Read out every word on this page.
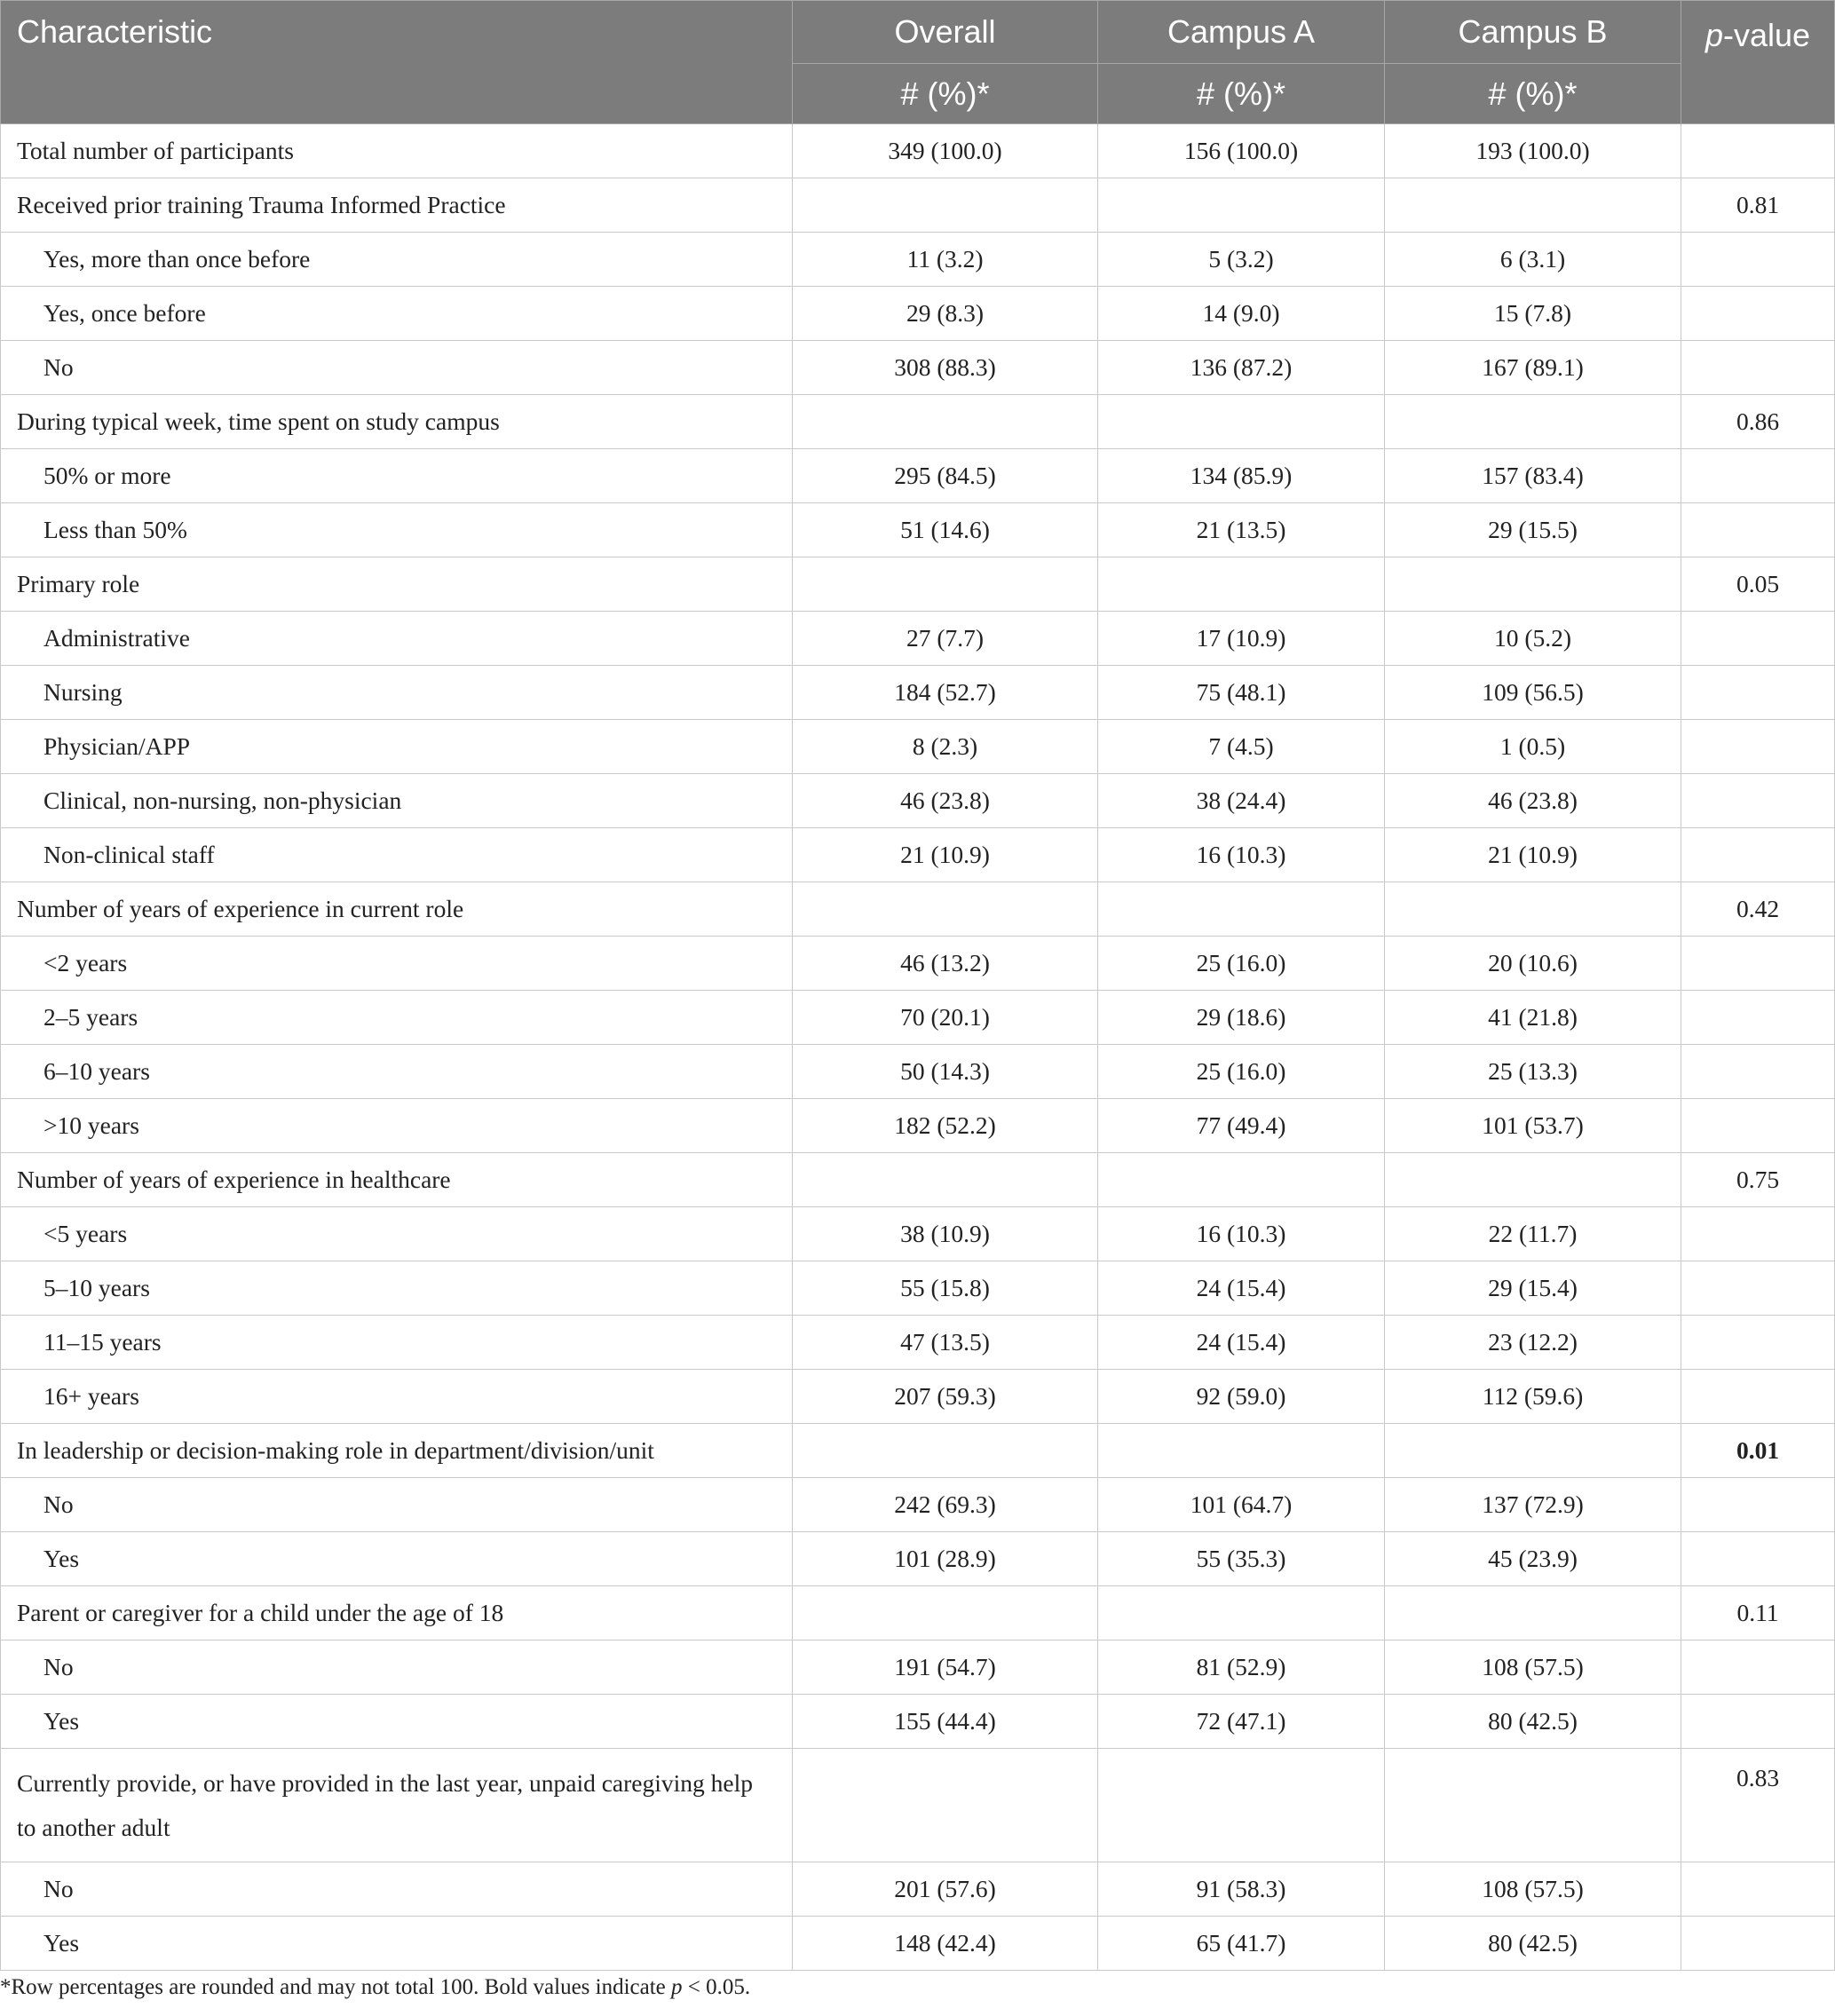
Characteristic	Overall	Campus A	Campus B	p-value
	# (%)*	# (%)*	# (%)*	
Total number of participants	349 (100.0)	156 (100.0)	193 (100.0)	
Received prior training Trauma Informed Practice				0.81
Yes, more than once before	11 (3.2)	5 (3.2)	6 (3.1)	
Yes, once before	29 (8.3)	14 (9.0)	15 (7.8)	
No	308 (88.3)	136 (87.2)	167 (89.1)	
During typical week, time spent on study campus				0.86
50% or more	295 (84.5)	134 (85.9)	157 (83.4)	
Less than 50%	51 (14.6)	21 (13.5)	29 (15.5)	
Primary role				0.05
Administrative	27 (7.7)	17 (10.9)	10 (5.2)	
Nursing	184 (52.7)	75 (48.1)	109 (56.5)	
Physician/APP	8 (2.3)	7 (4.5)	1 (0.5)	
Clinical, non-nursing, non-physician	46 (23.8)	38 (24.4)	46 (23.8)	
Non-clinical staff	21 (10.9)	16 (10.3)	21 (10.9)	
Number of years of experience in current role				0.42
<2 years	46 (13.2)	25 (16.0)	20 (10.6)	
2–5 years	70 (20.1)	29 (18.6)	41 (21.8)	
6–10 years	50 (14.3)	25 (16.0)	25 (13.3)	
>10 years	182 (52.2)	77 (49.4)	101 (53.7)	
Number of years of experience in healthcare				0.75
<5 years	38 (10.9)	16 (10.3)	22 (11.7)	
5–10 years	55 (15.8)	24 (15.4)	29 (15.4)	
11–15 years	47 (13.5)	24 (15.4)	23 (12.2)	
16+ years	207 (59.3)	92 (59.0)	112 (59.6)	
In leadership or decision-making role in department/division/unit				0.01
No	242 (69.3)	101 (64.7)	137 (72.9)	
Yes	101 (28.9)	55 (35.3)	45 (23.9)	
Parent or caregiver for a child under the age of 18				0.11
No	191 (54.7)	81 (52.9)	108 (57.5)	
Yes	155 (44.4)	72 (47.1)	80 (42.5)	
Currently provide, or have provided in the last year, unpaid caregiving help to another adult				0.83
No	201 (57.6)	91 (58.3)	108 (57.5)	
Yes	148 (42.4)	65 (41.7)	80 (42.5)	
*Row percentages are rounded and may not total 100. Bold values indicate p < 0.05.
